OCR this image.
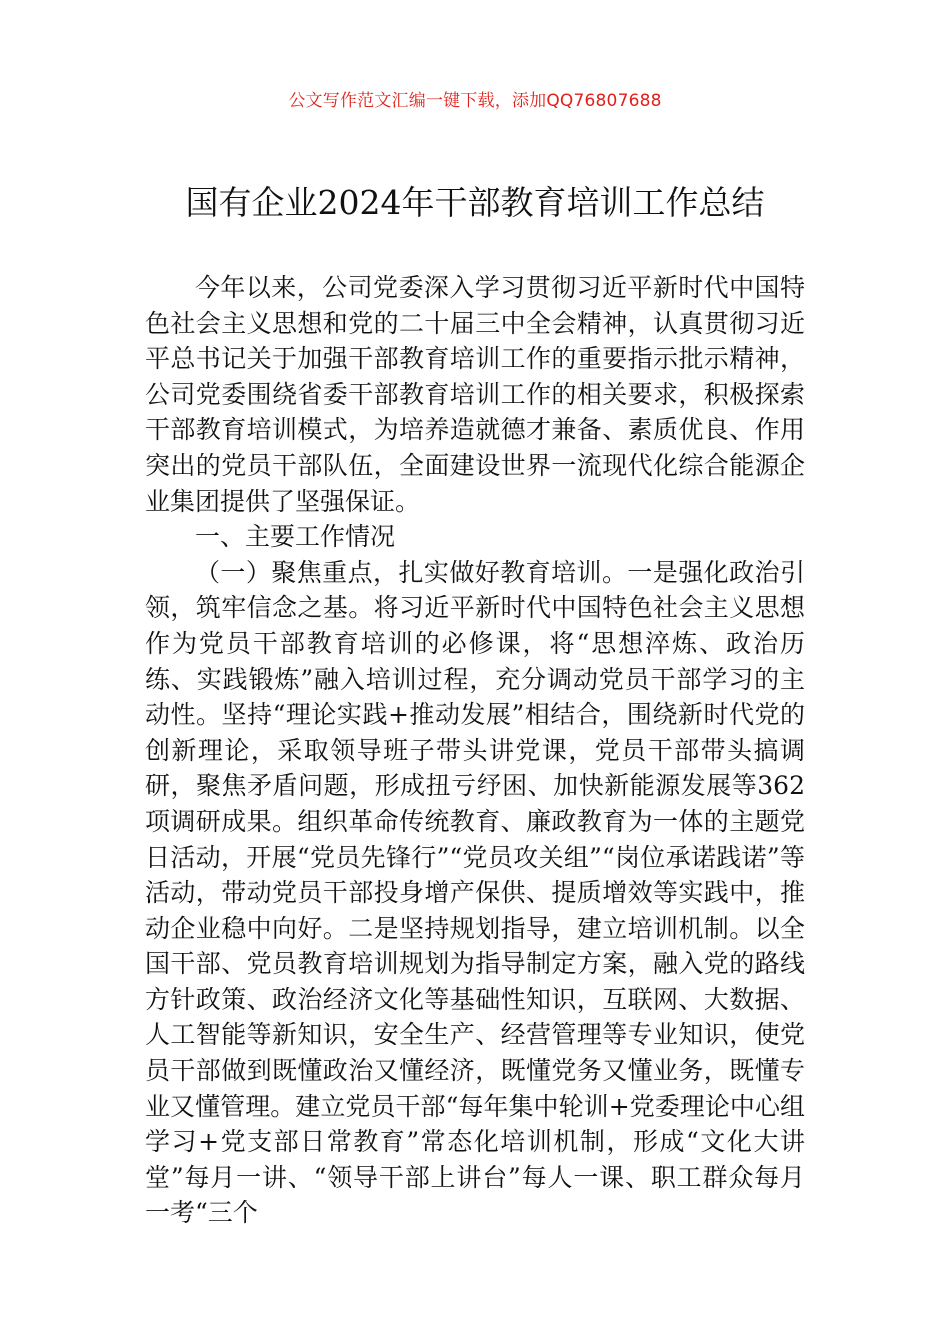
公文写作范文汇编一键下载，添加QQ76807688
国有企业2024年干部教育培训工作总结

今年以来，公司党委深入学习贯彻习近平新时代中国特色社会主义思想和党的二十届三中全会精神，认真贯彻习近平总书记关于加强干部教育培训工作的重要指示批示精神，公司党委围绕省委干部教育培训工作的相关要求，积极探索干部教育培训模式，为培养造就德才兼备、素质优良、作用突出的党员干部队伍，全面建设世界一流现代化综合能源企业集团提供了坚强保证。

一、主要工作情况

（一）聚焦重点，扎实做好教育培训。一是强化政治引领，筑牢信念之基。将习近平新时代中国特色社会主义思想作为党员干部教育培训的必修课，将“思想淬炼、政治历练、实践锻炼”融入培训过程，充分调动党员干部学习的主动性。坚持“理论实践+推动发展”相结合，围绕新时代党的创新理论，采取领导班子带头讲党课，党员干部带头搞调研，聚焦矛盾问题，形成扭亏纾困、加快新能源发展等362项调研成果。组织革命传统教育、廉政教育为一体的主题党日活动，开展“党员先锋行”“党员攻关组”“岗位承诺践诺”等活动，带动党员干部投身增产保供、提质增效等实践中，推动企业稳中向好。二是坚持规划指导，建立培训机制。以全国干部、党员教育培训规划为指导制定方案，融入党的路线方针政策、政治经济文化等基础性知识，互联网、大数据、人工智能等新知识，安全生产、经营管理等专业知识，使党员干部做到既懂政治又懂经济，既懂党务又懂业务，既懂专业又懂管理。建立党员干部“每年集中轮训+党委理论中心组学习+党支部日常教育”常态化培训机制，形成“文化大讲堂”每月一讲、“领导干部上讲台”每人一课、职工群众每月一考“三个
